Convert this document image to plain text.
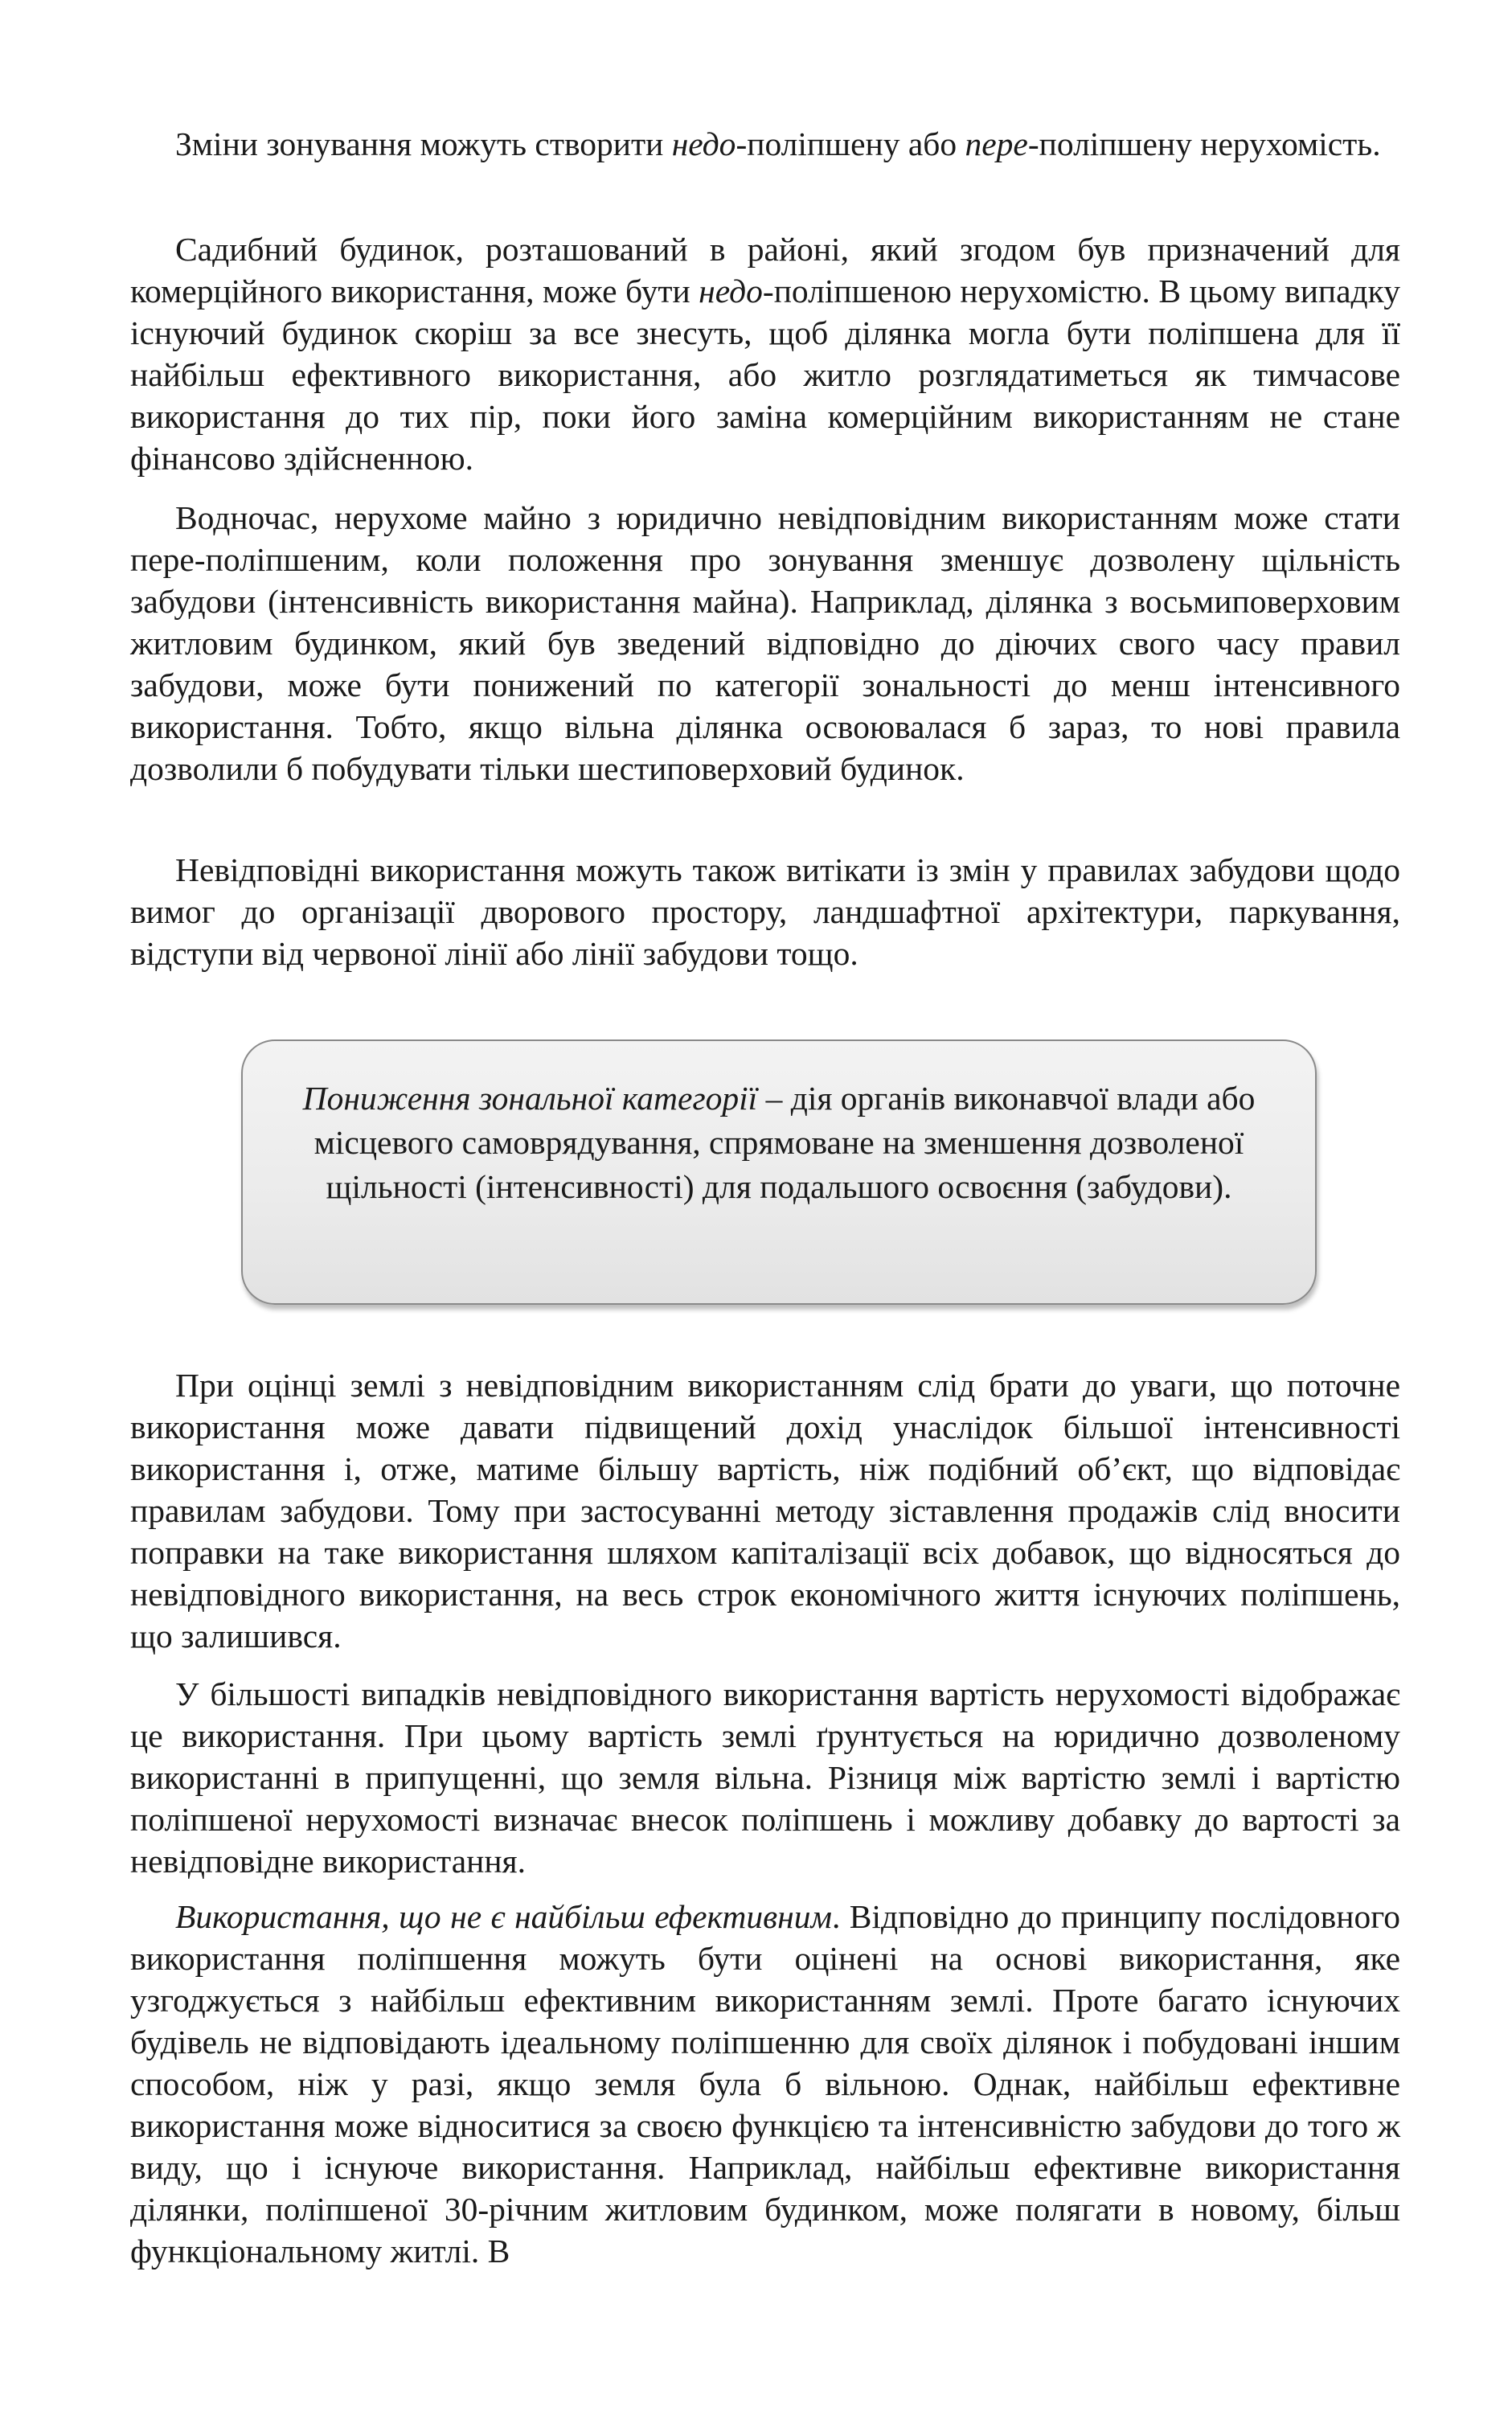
Зміни зонування можуть створити недо-поліпшену або пере-поліпшену нерухомість.

Садибний будинок, розташований в районі, який згодом був призначений для комерційного використання, може бути недо-поліпшеною нерухомістю. В цьому випадку існуючий будинок скоріш за все знесуть, щоб ділянка могла бути поліпшена для її найбільш ефективного використання, або житло розглядатиметься як тимчасове використання до тих пір, поки його заміна комерційним використанням не стане фінансово здійсненною.

Водночас, нерухоме майно з юридично невідповідним використанням може стати пере-поліпшеним, коли положення про зонування зменшує дозволену щільність забудови (інтенсивність використання майна). Наприклад, ділянка з восьмиповерховим житловим будинком, який був зведений відповідно до діючих свого часу правил забудови, може бути понижений по категорії зональності до менш інтенсивного використання. Тобто, якщо вільна ділянка освоювалася б зараз, то нові правила дозволили б побудувати тільки шестиповерховий будинок.

Невідповідні використання можуть також витікати із змін у правилах забудови щодо вимог до організації дворового простору, ландшафтної архітектури, паркування, відступи від червоної лінії або лінії забудови тощо.

Пониження зональної категорії – дія органів виконавчої влади або місцевого самоврядування, спрямоване на зменшення дозволеної щільності (інтенсивності) для подальшого освоєння (забудови).

При оцінці землі з невідповідним використанням слід брати до уваги, що поточне використання може давати підвищений дохід унаслідок більшої інтенсивності використання і, отже, матиме більшу вартість, ніж подібний об’єкт, що відповідає правилам забудови. Тому при застосуванні методу зіставлення продажів слід вносити поправки на таке використання шляхом капіталізації всіх добавок, що відносяться до невідповідного використання, на весь строк економічного життя існуючих поліпшень, що залишився.

У більшості випадків невідповідного використання вартість нерухомості відображає це використання. При цьому вартість землі ґрунтується на юридично дозволеному використанні в припущенні, що земля вільна. Різниця між вартістю землі і вартістю поліпшеної нерухомості визначає внесок поліпшень і можливу добавку до вартості за невідповідне використання.

Використання, що не є найбільш ефективним. Відповідно до принципу послідовного використання поліпшення можуть бути оцінені на основі використання, яке узгоджується з найбільш ефективним використанням землі. Проте багато існуючих будівель не відповідають ідеальному поліпшенню для своїх ділянок і побудовані іншим способом, ніж у разі, якщо земля була б вільною. Однак, найбільш ефективне використання може відноситися за своєю функцією та інтенсивністю забудови до того ж виду, що і існуюче використання. Наприклад, найбільш ефективне використання ділянки, поліпшеної 30-річним житловим будинком, може полягати в новому, більш функціональному житлі. В
